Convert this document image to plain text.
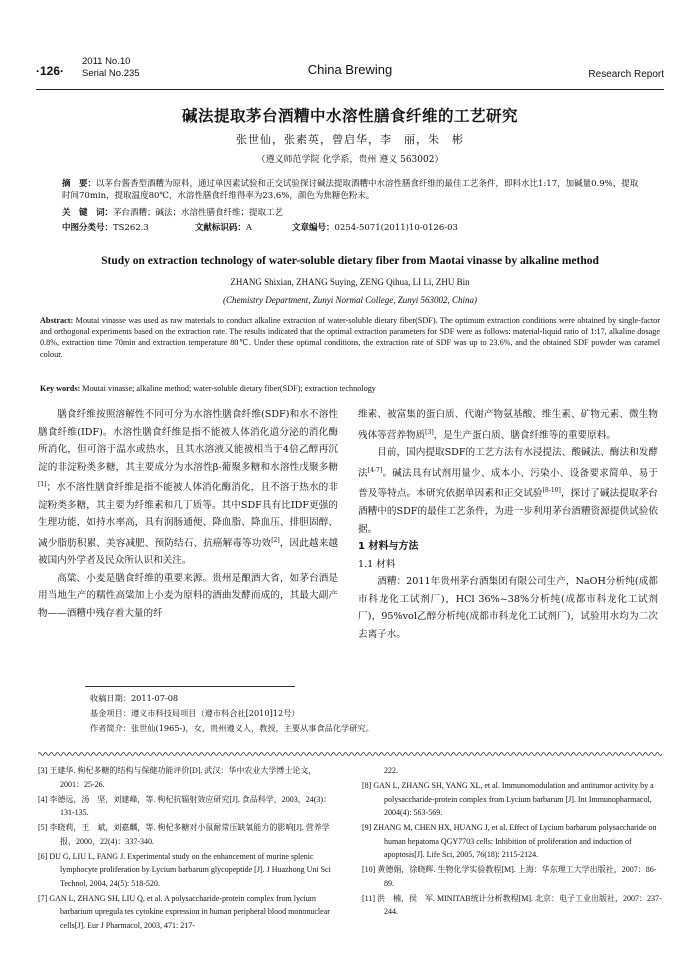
·126·
2011 No.10
Serial No.235	China Brewing	Research Report
碱法提取茅台酒糟中水溶性膳食纤维的工艺研究
张世仙，张素英，曾启华，李　丽，朱　彬
（遵义师范学院 化学系，贵州 遵义 563002）
摘　要：以茅台酱香型酒糟为原料，通过单因素试验和正交试验探讨碱法提取酒糟中水溶性膳食纤维的最佳工艺条件，即料水比1:17，加碱量0.9%，提取时间70min，提取温度80℃，水溶性膳食纤维得率为23.6%，颜色为焦糖色粉末。
关　键　词：茅台酒糟；碱法；水溶性膳食纤维；提取工艺
中图分类号：TS262.3	文献标识码：A	文章编号：0254-5071(2011)10-0126-03
Study on extraction technology of water-soluble dietary fiber from Maotai vinasse by alkaline method
ZHANG Shixian, ZHANG Suying, ZENG Qihua, LI Li, ZHU Bin
(Chemistry Department, Zunyi Normal College, Zunyi 563002, China)
Abstract: Moutai vinasse was used as raw materials to conduct alkaline extraction of water-soluble dietary fiber(SDF). The optimum extraction conditions were obtained by single-factor and orthogonal experiments based on the extraction rate. The results indicated that the optimal extraction parameters for SDF were as follows: material-liquid ratio of 1:17, alkaline dosage 0.8%, extraction time 70min and extraction temperature 80℃. Under these optimal conditions, the extraction rate of SDF was up to 23.6%, and the obtained SDF powder was caramel colour.
Key words: Moutai vinasse; alkaline method; water-soluble dietary fiber(SDF); extraction technology

膳食纤维按照溶解性不同可分为水溶性膳食纤维(SDF)和水不溶性膳食纤维(IDF)。水溶性膳食纤维是指不能被人体消化道分泌的消化酶所消化，但可溶于温水或热水，且其水溶液又能被相当于4倍乙醇再沉淀的非淀粉类多糖，其主要成分为水溶性β-葡聚多糖和水溶性戊聚多糖[1]；水不溶性膳食纤维是指不能被人体消化酶消化，且不溶于热水的非淀粉类多糖，其主要为纤维素和几丁质等。其中SDF具有比IDF更强的生理功能，如持水率高，具有润肠通便、降血脂、降血压、排胆固醇、减少脂肪积累、美容减肥、预防结石、抗癌解毒等功效[2]，因此越来越被国内外学者及民众所认识和关注。

高粱、小麦是膳食纤维的重要来源。贵州是酿酒大省，如茅台酒是用当地生产的糯性高粱加上小麦为原料的酒曲发酵而成的，其最大副产物——酒糟中残存着大量的纤

维素、被富集的蛋白质、代谢产物氨基酸、维生素、矿物元素、微生物残体等营养物质[3]，是生产蛋白质、膳食纤维等的重要原料。

目前，国内提取SDF的工艺方法有水浸提法、酸碱法、酶法和发酵法[4-7]。碱法具有试剂用量少、成本小、污染小、设备要求简单、易于普及等特点。本研究依据单因素和正交试验[8-10]，探讨了碱法提取茅台酒糟中的SDF的最佳工艺条件，为进一步利用茅台酒糟资源提供试验依据。

1 材料与方法
1.1 材料

酒糟：2011年贵州茅台酒集团有限公司生产，NaOH分析纯(成都市科龙化工试剂厂)，HCl 36%~38%分析纯(成都市科龙化工试剂厂)，95%vol乙醇分析纯(成都市科龙化工试剂厂)，试验用水均为二次去离子水。

收稿日期：2011-07-08
基金项目：遵义市科技局项目（遵市科合社[2010]12号）
作者简介：张世仙(1965-)，女，贵州遵义人，教授，主要从事食品化学研究。

[3] 王建华. 枸杞多糖的结构与保健功能评价[D]. 武汉：华中农业大学博士论文，2001：25-26.

[4] 李德远，汤　坚，刘建峰，等. 枸杞抗辐射效应研究[J]. 食品科学，2003，24(3)：131-135.

[5] 李晓莉，王　斌，刘嘉麟，等. 枸杞多糖对小鼠耐常压缺氧能力的影响[J]. 营养学报，2000，22(4)：337-340.

[6] DU G, LIU L, FANG J. Experimental study on the enhancement of murine splenic lymphocyte proliferation by Lycium barbarum glycopeptide [J]. J Huazhong Uni Sci Technol, 2004, 24(5): 518-520.

[7] GAN L, ZHANG SH, LIU Q, et al. A polysaccharide-protein complex from lycium barbarium upregula tes cytokine expression in human peripheral blood mononuclear cells[J]. Eur J Pharmacol, 2003, 471: 217-

222.

[8] GAN L, ZHANG SH, YANG XL, et al. Immunomodulation and antitumor activity by a polysaccharide-protein complex from Lycium barbarum [J]. Int Immunopharmacol, 2004(4): 563-569.

[9] ZHANG M, CHEN HX, HUANG J, et al. Effect of Lycium barbarum polysaccharide on human hepatoma QGY7703 cells: Inhibition of proliferation and induction of apoptosis[J]. Life Sci, 2005, 76(18): 2115-2124.

[10] 黄德娟，徐晓辉. 生物化学实验教程[M]. 上海：华东理工大学出版社，2007：86-89.

[11] 洪　楠，侯　军. MINITAB统计分析教程[M]. 北京：电子工业出版社，2007：237-244.
